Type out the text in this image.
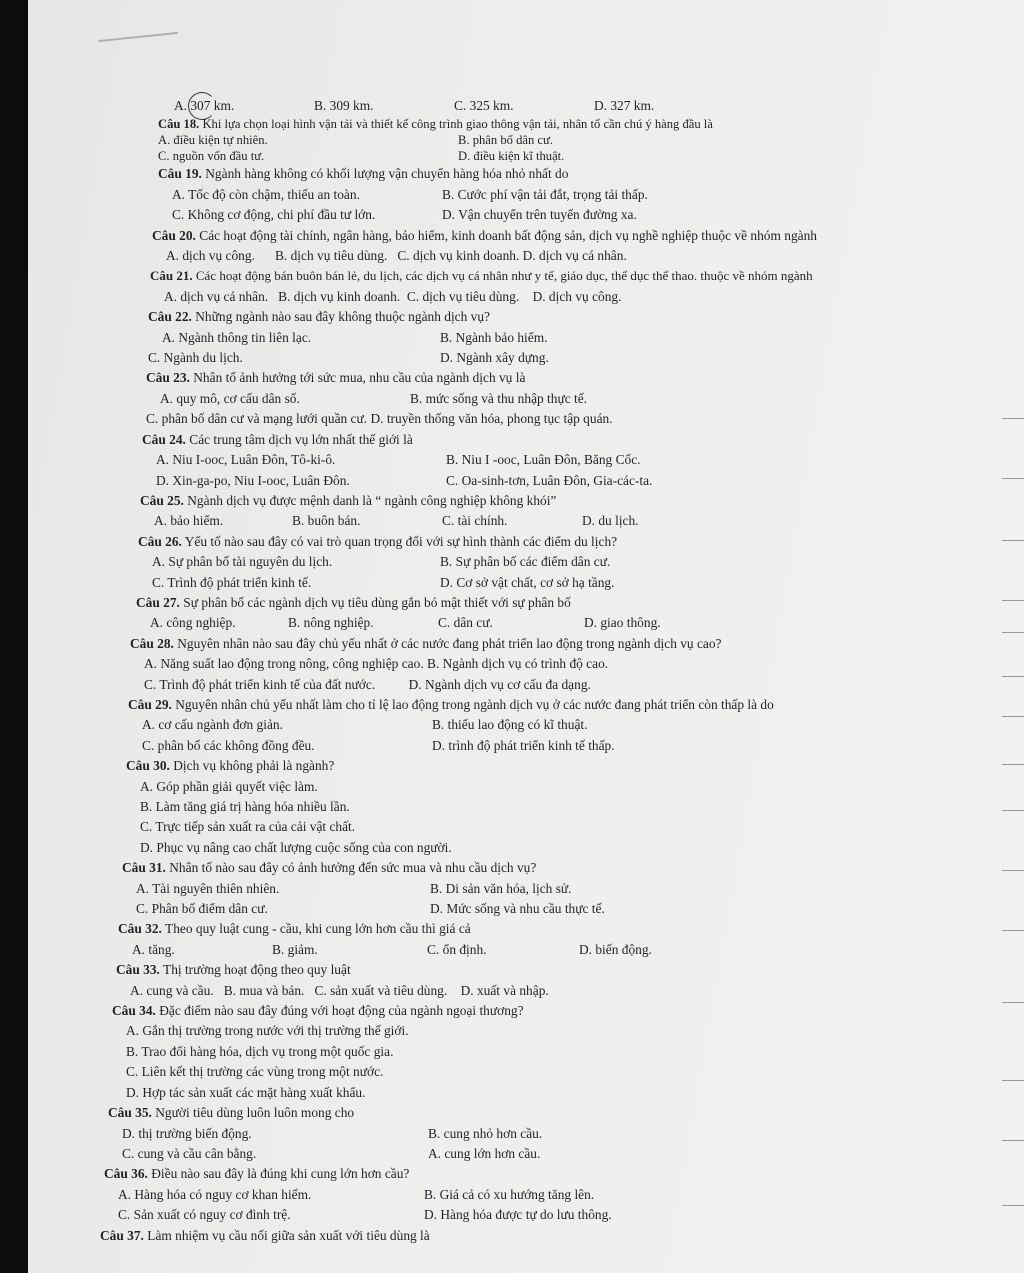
A. 307 km.	B. 309 km.	C. 325 km.	D. 327 km.
Câu 18. Khi lựa chọn loại hình vận tải và thiết kế công trình giao thông vận tải, nhân tố cần chú ý hàng đầu là
A. điều kiện tự nhiên.	B. phân bố dân cư.
C. nguồn vốn đầu tư.	D. điều kiện kĩ thuật.
Câu 19. Ngành hàng không có khối lượng vận chuyển hàng hóa nhỏ nhất do
A. Tốc độ còn chậm, thiếu an toàn.	B. Cước phí vận tải đắt, trọng tải thấp.
C. Không cơ động, chi phí đầu tư lớn.	D. Vận chuyển trên tuyến đường xa.
Câu 20. Các hoạt động tài chính, ngân hàng, bảo hiểm, kinh doanh bất động sản, dịch vụ nghề nghiệp thuộc về nhóm ngành
A. dịch vụ công.      B. dịch vụ tiêu dùng.   C. dịch vụ kinh doanh. D. dịch vụ cá nhân.
Câu 21. Các hoạt động bán buôn bán lẻ, du lịch, các dịch vụ cá nhân như y tế, giáo dục, thể dục thể thao. thuộc về nhóm ngành
A. dịch vụ cá nhân.   B. dịch vụ kinh doanh.  C. dịch vụ tiêu dùng.    D. dịch vụ công.
Câu 22. Những ngành nào sau đây không thuộc ngành dịch vụ?
A. Ngành thông tin liên lạc.	B. Ngành bảo hiểm.
C. Ngành du lịch.	D. Ngành xây dựng.
Câu 23. Nhân tố ảnh hưởng tới sức mua, nhu cầu của ngành dịch vụ là
A. quy mô, cơ cấu dân số.	B. mức sống và thu nhập thực tế.
C. phân bố dân cư và mạng lưới quần cư. D. truyền thống văn hóa, phong tục tập quán.
Câu 24. Các trung tâm dịch vụ lớn nhất thế giới là
A. Niu I-ooc, Luân Đôn, Tô-ki-ô.	B. Niu I -ooc, Luân Đôn, Băng Cốc.
D. Xin-ga-po, Niu I-ooc, Luân Đôn.	C. Oa-sinh-tơn, Luân Đôn, Gia-các-ta.
Câu 25. Ngành dịch vụ được mệnh danh là “ ngành công nghiệp không khói”
A. bảo hiểm.	B. buôn bán.	C. tài chính.	D. du lịch.
Câu 26. Yếu tố nào sau đây có vai trò quan trọng đối với sự hình thành các điểm du lịch?
A. Sự phân bố tài nguyên du lịch.	B. Sự phân bố các điểm dân cư.
C. Trình độ phát triển kinh tế.	D. Cơ sở vật chất, cơ sở hạ tầng.
Câu 27. Sự phân bố các ngành dịch vụ tiêu dùng gắn bó mật thiết với sự phân bố
A. công nghiệp.	B. nông nghiệp.	C. dân cư.	D. giao thông.
Câu 28. Nguyên nhân nào sau đây chủ yếu nhất ở các nước đang phát triển lao động trong ngành dịch vụ cao?
A. Năng suất lao động trong nông, công nghiệp cao. B. Ngành dịch vụ có trình độ cao.
C. Trình độ phát triển kinh tế của đất nước.          D. Ngành dịch vụ cơ cấu đa dạng.
Câu 29. Nguyên nhân chủ yếu nhất làm cho tỉ lệ lao động trong ngành dịch vụ ở các nước đang phát triển còn thấp là do
A. cơ cấu ngành đơn giản.	B. thiếu lao động có kĩ thuật.
C. phân bố các không đồng đều.	D. trình độ phát triển kinh tế thấp.
Câu 30. Dịch vụ không phải là ngành?
A. Góp phần giải quyết việc làm.
B. Làm tăng giá trị hàng hóa nhiều lần.
C. Trực tiếp sản xuất ra của cải vật chất.
D. Phục vụ nâng cao chất lượng cuộc sống của con người.
Câu 31. Nhân tố nào sau đây có ảnh hưởng đến sức mua và nhu cầu dịch vụ?
A. Tài nguyên thiên nhiên.	B. Di sản văn hóa, lịch sử.
C. Phân bố điểm dân cư.	D. Mức sống và nhu cầu thực tế.
Câu 32. Theo quy luật cung - cầu, khi cung lớn hơn cầu thì giá cả
A. tăng.	B. giảm.	C. ổn định.	D. biến động.
Câu 33. Thị trường hoạt động theo quy luật
A. cung và cầu.   B. mua và bán.   C. sản xuất và tiêu dùng.    D. xuất và nhập.
Câu 34. Đặc điểm nào sau đây đúng với hoạt động của ngành ngoại thương?
A. Gắn thị trường trong nước với thị trường thế giới.
B. Trao đổi hàng hóa, dịch vụ trong một quốc gia.
C. Liên kết thị trường các vùng trong một nước.
D. Hợp tác sản xuất các mặt hàng xuất khẩu.
Câu 35. Người tiêu dùng luôn luôn mong cho
D. thị trường biến động.	B. cung nhỏ hơn cầu.
C. cung và cầu cân bằng.	A. cung lớn hơn cầu.
Câu 36. Điều nào sau đây là đúng khi cung lớn hơn cầu?
A. Hàng hóa có nguy cơ khan hiếm.	B. Giá cả có xu hướng tăng lên.
C. Sản xuất có nguy cơ đình trệ.	D. Hàng hóa được tự do lưu thông.
Câu 37. Làm nhiệm vụ cầu nối giữa sản xuất với tiêu dùng là
